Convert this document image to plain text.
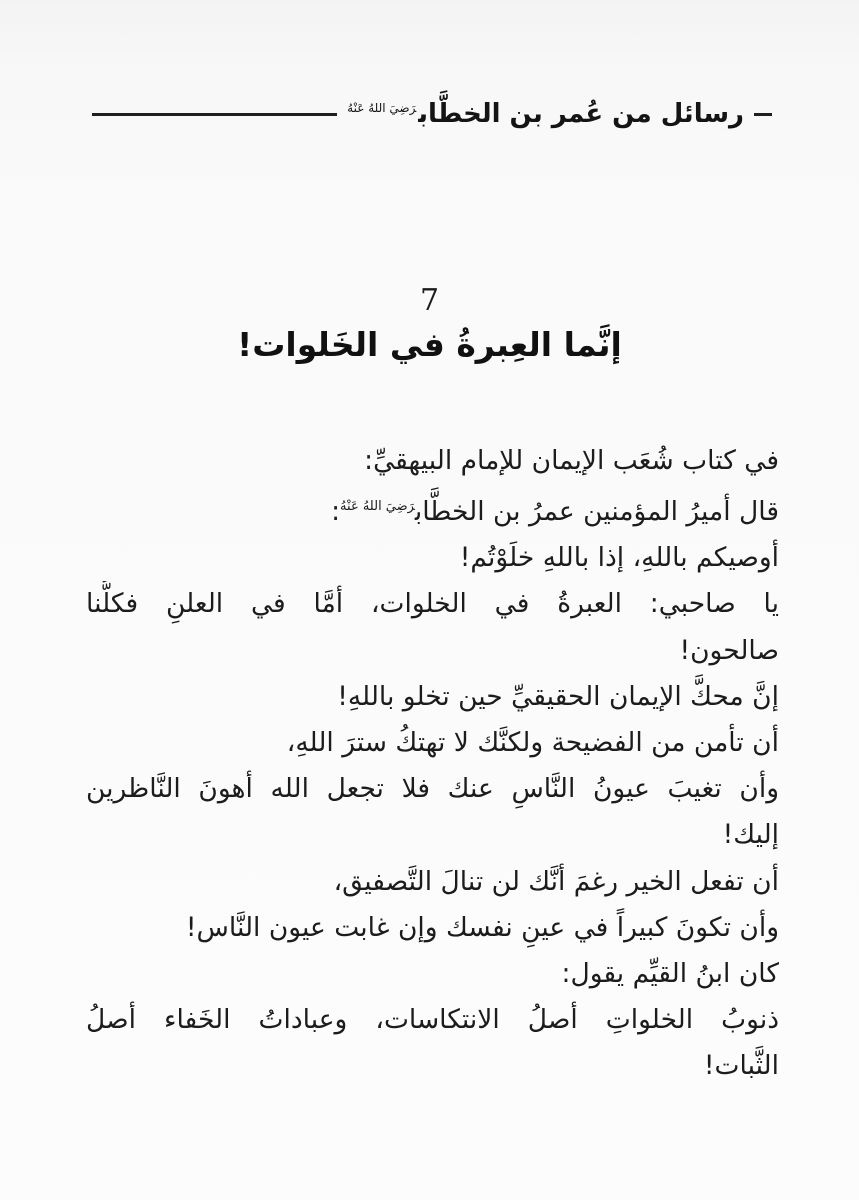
رسائل من عُمر بن الخطَّاب$^{رَضِيَ اللهُ عَنْهُ}$
7
إنَّما العِبرةُ في الخَلوات!
في كتاب شُعَب الإيمان للإمام البيهقيِّ:
قال أميرُ المؤمنين عمرُ بن الخطَّاب$^{رَضِيَ اللهُ عَنْهُ}$:
أوصيكم باللهِ، إذا باللهِ خلَوْتُم!
يا صاحبي: العبرةُ في الخلوات، أمَّا في العلنِ فكلُّنا
صالحون!
إنَّ محكَّ الإيمان الحقيقيِّ حين تخلو باللهِ!
أن تأمن من الفضيحة ولكنَّك لا تهتكُ سترَ اللهِ،
وأن تغيبَ عيونُ النَّاسِ عنك فلا تجعل الله أهونَ النَّاظرين
إليك!
أن تفعل الخير رغمَ أنَّك لن تنالَ التَّصفيق،
وأن تكونَ كبيراً في عينِ نفسك وإن غابت عيون النَّاس!
كان ابنُ القيِّم يقول:
ذنوبُ الخلواتِ أصلُ الانتكاسات، وعباداتُ الخَفاء أصلُ
الثَّبات!
